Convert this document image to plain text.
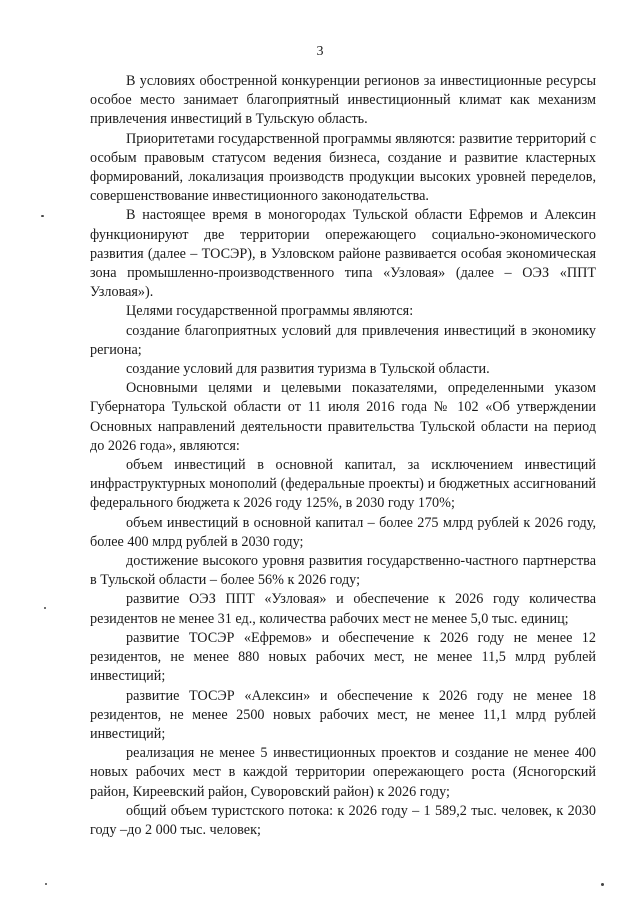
3

В условиях обостренной конкуренции регионов за инвестиционные ресурсы особое место занимает благоприятный инвестиционный климат как механизм привлечения инвестиций в Тульскую область.

Приоритетами государственной программы являются: развитие территорий с особым правовым статусом ведения бизнеса, создание и развитие кластерных формирований, локализация производств продукции высоких уровней переделов, совершенствование инвестиционного законодательства.

В настоящее время в моногородах Тульской области Ефремов и Алексин функционируют две территории опережающего социально-экономического развития (далее – ТОСЭР), в Узловском районе развивается особая экономическая зона промышленно-производственного типа «Узловая» (далее – ОЭЗ «ППТ Узловая»).

Целями государственной программы являются:

создание благоприятных условий для привлечения инвестиций в экономику региона;

создание условий для развития туризма в Тульской области.

Основными целями и целевыми показателями, определенными указом Губернатора Тульской области от 11 июля 2016 года № 102 «Об утверждении Основных направлений деятельности правительства Тульской области на период до 2026 года», являются:

объем инвестиций в основной капитал, за исключением инвестиций инфраструктурных монополий (федеральные проекты) и бюджетных ассигнований федерального бюджета к 2026 году 125%, в 2030 году 170%;

объем инвестиций в основной капитал – более 275 млрд рублей к 2026 году, более 400 млрд рублей в 2030 году;

достижение высокого уровня развития государственно-частного партнерства в Тульской области – более 56% к 2026 году;

развитие ОЭЗ ППТ «Узловая» и обеспечение к 2026 году количества резидентов не менее 31 ед., количества рабочих мест не менее 5,0 тыс. единиц;

развитие ТОСЭР «Ефремов» и обеспечение к 2026 году не менее 12 резидентов, не менее 880 новых рабочих мест, не менее 11,5 млрд рублей инвестиций;

развитие ТОСЭР «Алексин» и обеспечение к 2026 году не менее 18 резидентов, не менее 2500 новых рабочих мест, не менее 11,1 млрд рублей инвестиций;

реализация не менее 5 инвестиционных проектов и создание не менее 400 новых рабочих мест в каждой территории опережающего роста (Ясногорский район, Киреевский район, Суворовский район) к 2026 году;

общий объем туристского потока: к 2026 году – 1 589,2 тыс. человек, к 2030 году –до 2 000 тыс. человек;
